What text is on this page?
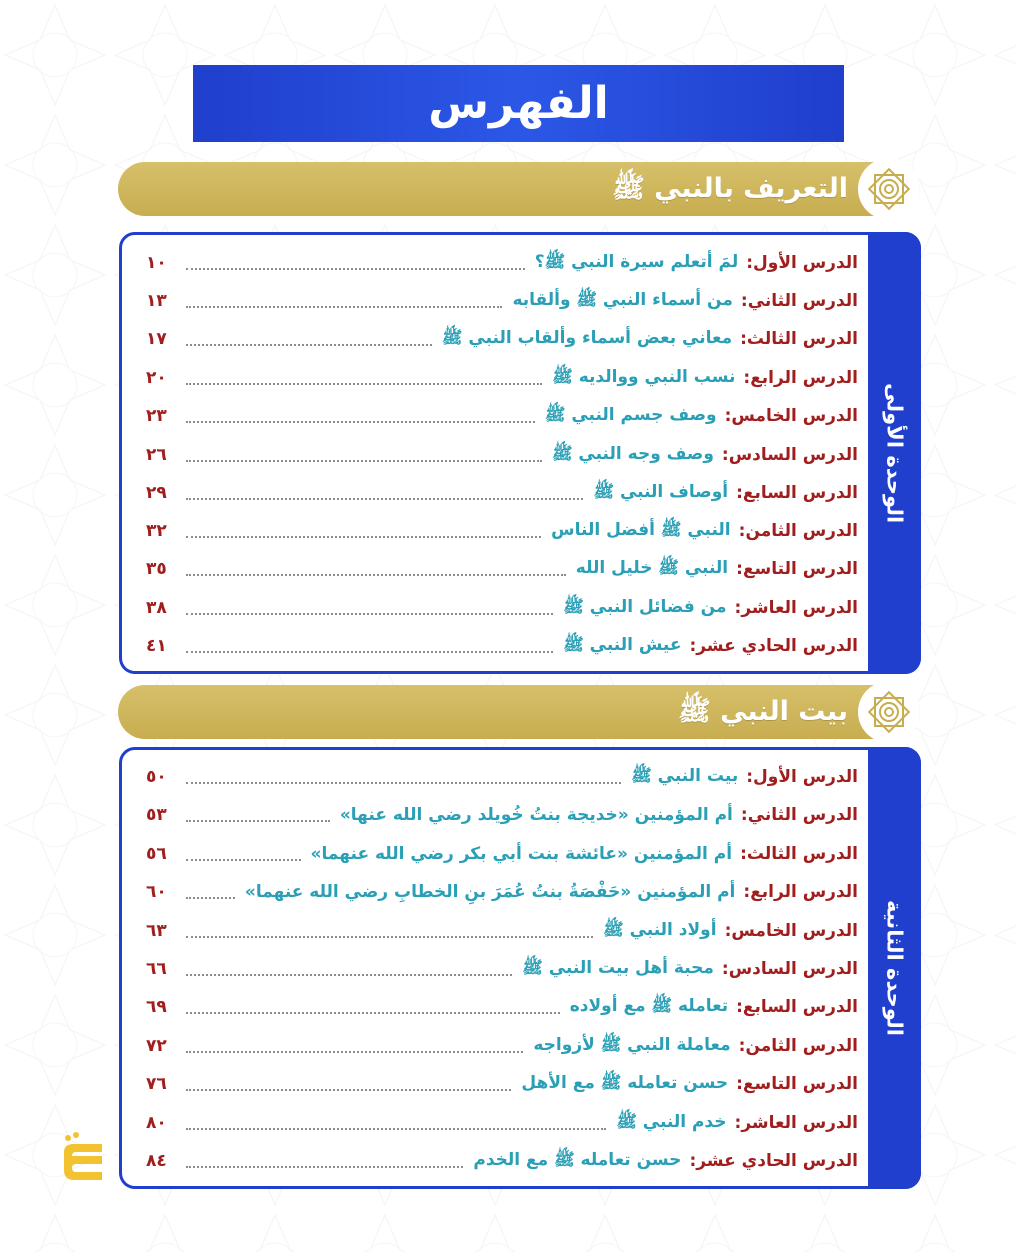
الفهرس
التعريف بالنبي ﷺ
الوحدة الأولى
الدرس الأول:
لمَ أتعلم سيرة النبي ﷺ؟
١٠
الدرس الثاني:
من أسماء النبي ﷺ وألقابه
١٣
الدرس الثالث:
معاني بعض أسماء وألقاب النبي ﷺ
١٧
الدرس الرابع:
نسب النبي ووالديه ﷺ
٢٠
الدرس الخامس:
وصف جسم النبي ﷺ
٢٣
الدرس السادس:
وصف وجه النبي ﷺ
٢٦
الدرس السابع:
أوصاف النبي ﷺ
٢٩
الدرس الثامن:
النبي ﷺ أفضل الناس
٣٢
الدرس التاسع:
النبي ﷺ خليل الله
٣٥
الدرس العاشر:
من فضائل النبي ﷺ
٣٨
الدرس الحادي عشر:
عيش النبي ﷺ
٤١
بيت النبي ﷺ
الوحدة الثانية
الدرس الأول:
بيت النبي ﷺ
٥٠
الدرس الثاني:
أم المؤمنين «خديجة بنتُ خُويلد رضي الله عنها»
٥٣
الدرس الثالث:
أم المؤمنين «عائشة بنت أبي بكر رضي الله عنهما»
٥٦
الدرس الرابع:
أم المؤمنين «حَفْصَةُ بنتُ عُمَرَ بنِ الخطابِ رضي الله عنهما»
٦٠
الدرس الخامس:
أولاد النبي ﷺ
٦٣
الدرس السادس:
محبة أهل بيت النبي ﷺ
٦٦
الدرس السابع:
تعامله ﷺ مع أولاده
٦٩
الدرس الثامن:
معاملة النبي ﷺ لأزواجه
٧٢
الدرس التاسع:
حسن تعامله ﷺ مع الأهل
٧٦
الدرس العاشر:
خدم النبي ﷺ
٨٠
الدرس الحادي عشر:
حسن تعامله ﷺ مع الخدم
٨٤
